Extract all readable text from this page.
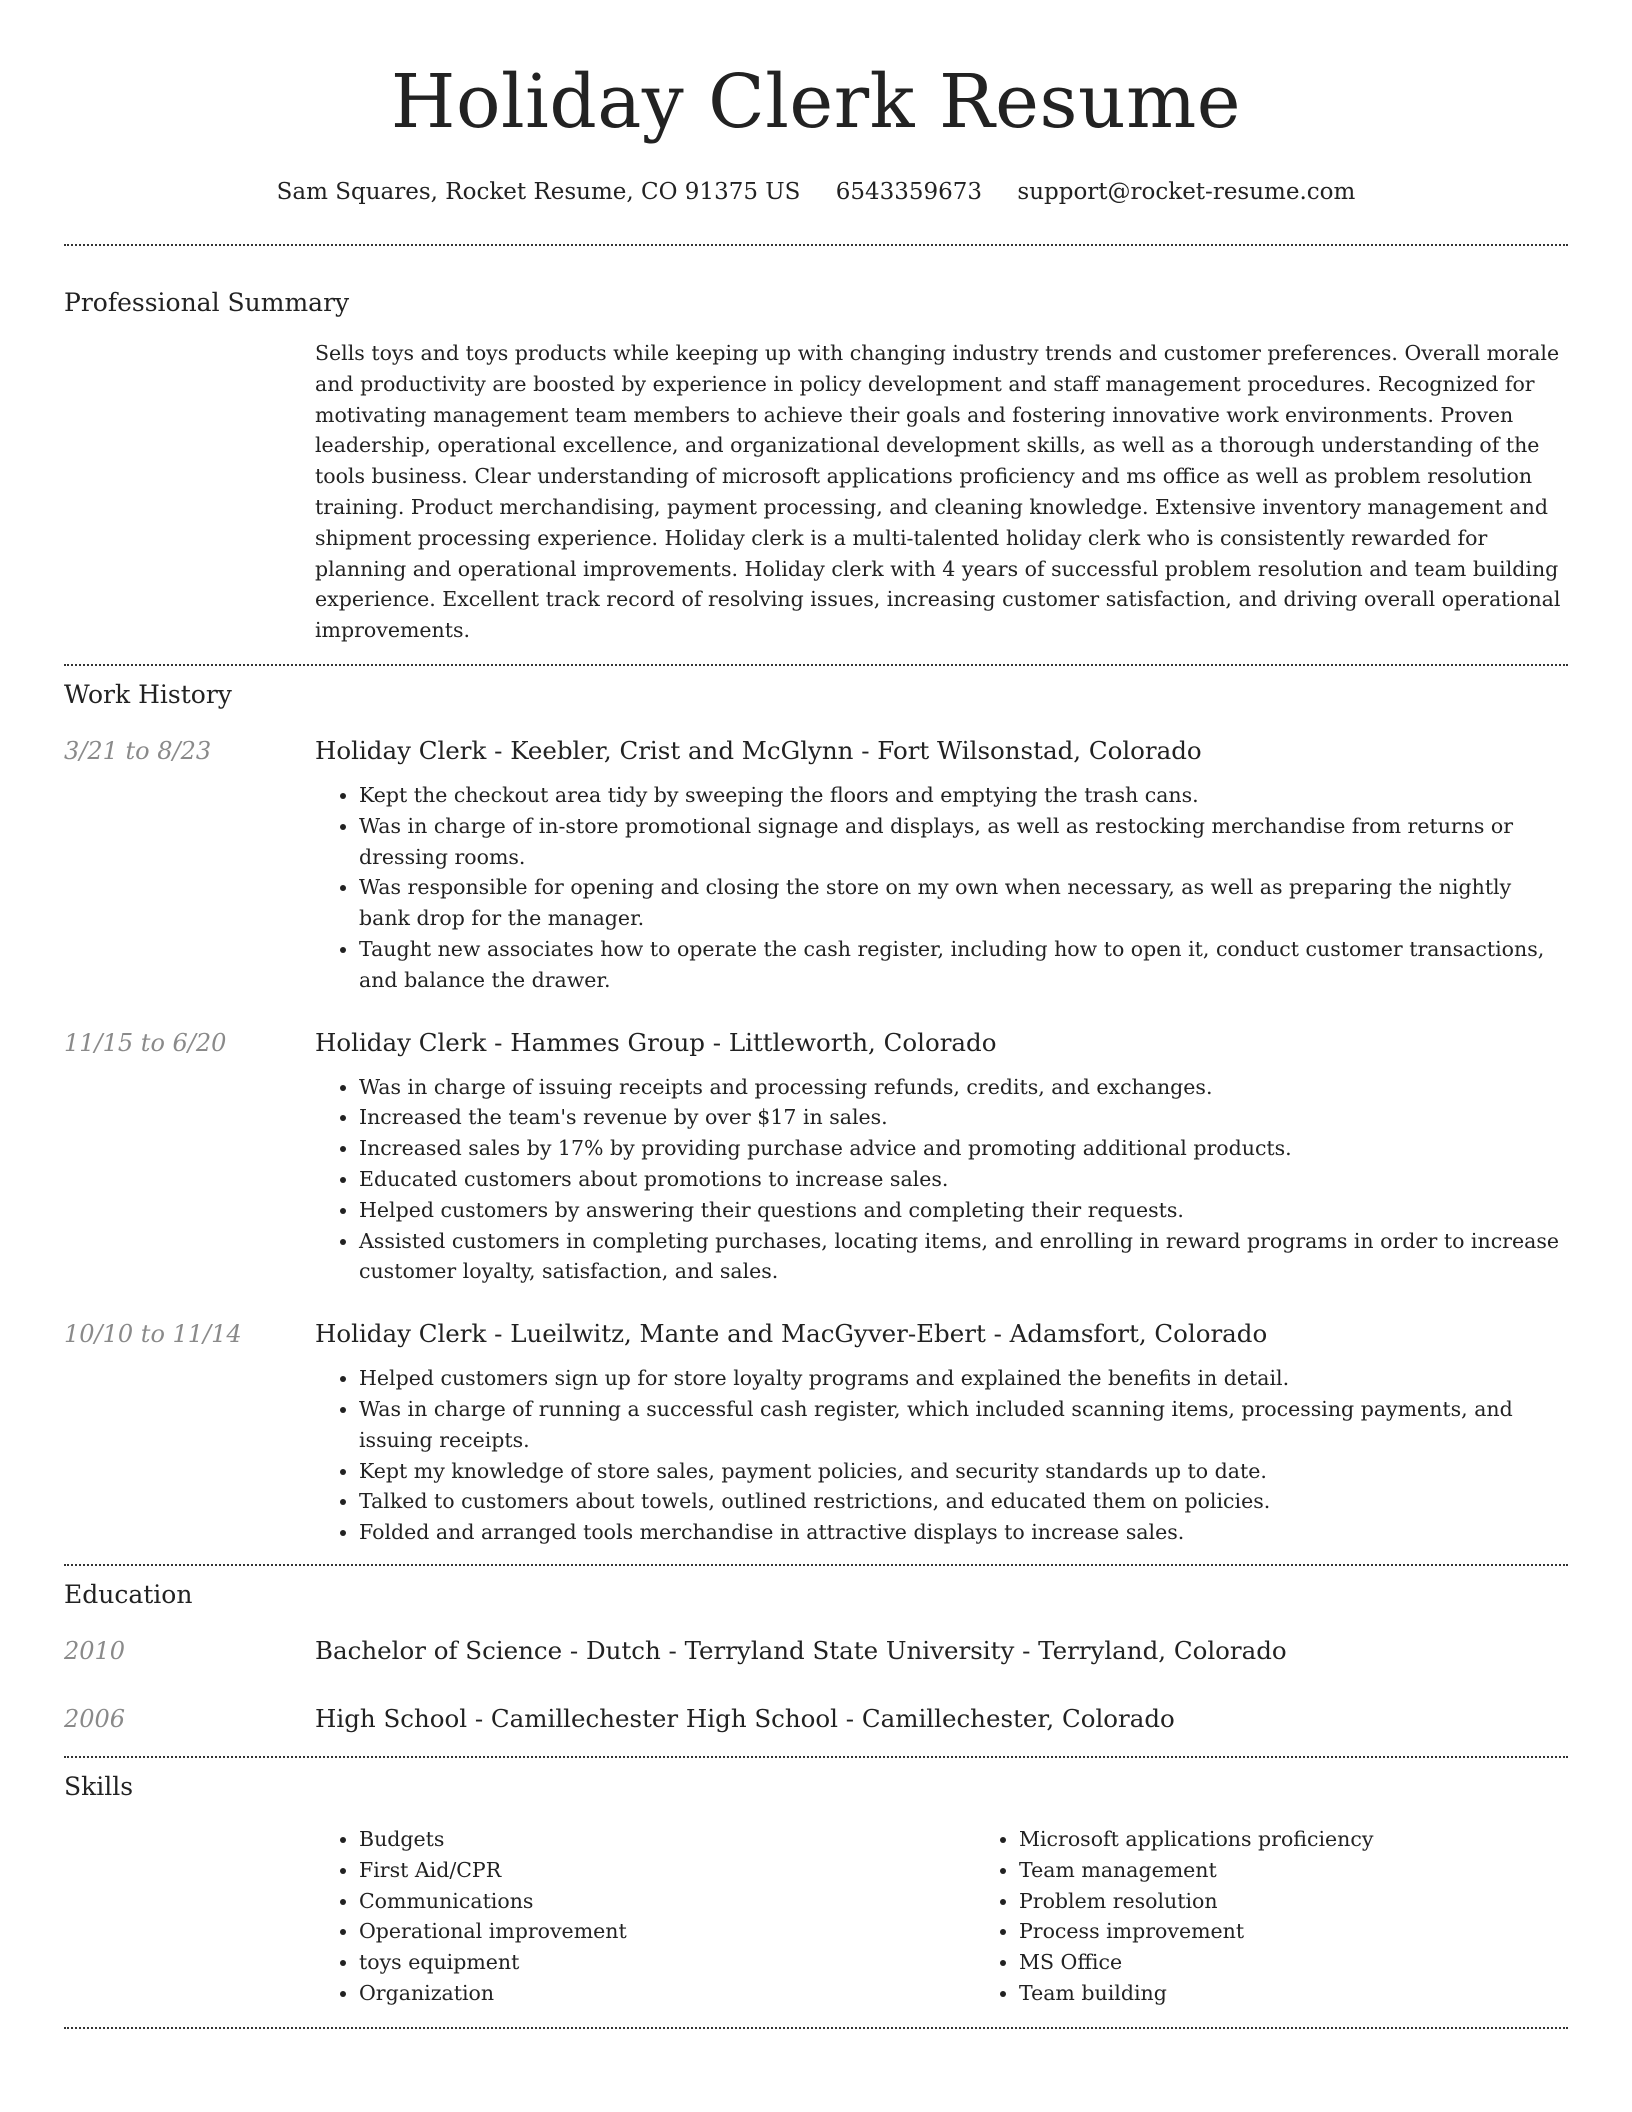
Holiday Clerk Resume
Sam Squares, Rocket Resume, CO 91375 US 6543359673 support@rocket-resume.com
Professional Summary

Sells toys and toys products while keeping up with changing industry trends and customer preferences. Overall morale and productivity are boosted by experience in policy development and staff management procedures. Recognized for motivating management team members to achieve their goals and fostering innovative work environments. Proven leadership, operational excellence, and organizational development skills, as well as a thorough understanding of the tools business. Clear understanding of microsoft applications proficiency and ms office as well as problem resolution training. Product merchandising, payment processing, and cleaning knowledge. Extensive inventory management and shipment processing experience. Holiday clerk is a multi-talented holiday clerk who is consistently rewarded for planning and operational improvements. Holiday clerk with 4 years of successful problem resolution and team building experience. Excellent track record of resolving issues, increasing customer satisfaction, and driving overall operational improvements.

Work History
3/21 to 8/23	Holiday Clerk - Keebler, Crist and McGlynn - Fort Wilsonstad, Colorado

• Kept the checkout area tidy by sweeping the floors and emptying the trash cans.
• Was in charge of in-store promotional signage and displays, as well as restocking merchandise from returns or dressing rooms.
• Was responsible for opening and closing the store on my own when necessary, as well as preparing the nightly bank drop for the manager.
• Taught new associates how to operate the cash register, including how to open it, conduct customer transactions, and balance the drawer.
11/15 to 6/20	Holiday Clerk - Hammes Group - Littleworth, Colorado

• Was in charge of issuing receipts and processing refunds, credits, and exchanges.
• Increased the team's revenue by over $17 in sales.
• Increased sales by 17% by providing purchase advice and promoting additional products.
• Educated customers about promotions to increase sales.
• Helped customers by answering their questions and completing their requests.
• Assisted customers in completing purchases, locating items, and enrolling in reward programs in order to increase customer loyalty, satisfaction, and sales.
10/10 to 11/14	Holiday Clerk - Lueilwitz, Mante and MacGyver-Ebert - Adamsfort, Colorado

• Helped customers sign up for store loyalty programs and explained the benefits in detail.
• Was in charge of running a successful cash register, which included scanning items, processing payments, and issuing receipts.
• Kept my knowledge of store sales, payment policies, and security standards up to date.
• Talked to customers about towels, outlined restrictions, and educated them on policies.
• Folded and arranged tools merchandise in attractive displays to increase sales.
Education
2010	Bachelor of Science - Dutch - Terryland State University - Terryland, Colorado

2006	High School - Camillechester High School - Camillechester, Colorado

Skills
• Budgets
• First Aid/CPR
• Communications
• Operational improvement
• toys equipment
• Organization
• Microsoft applications proficiency
• Team management
• Problem resolution
• Process improvement
• MS Office
• Team building
